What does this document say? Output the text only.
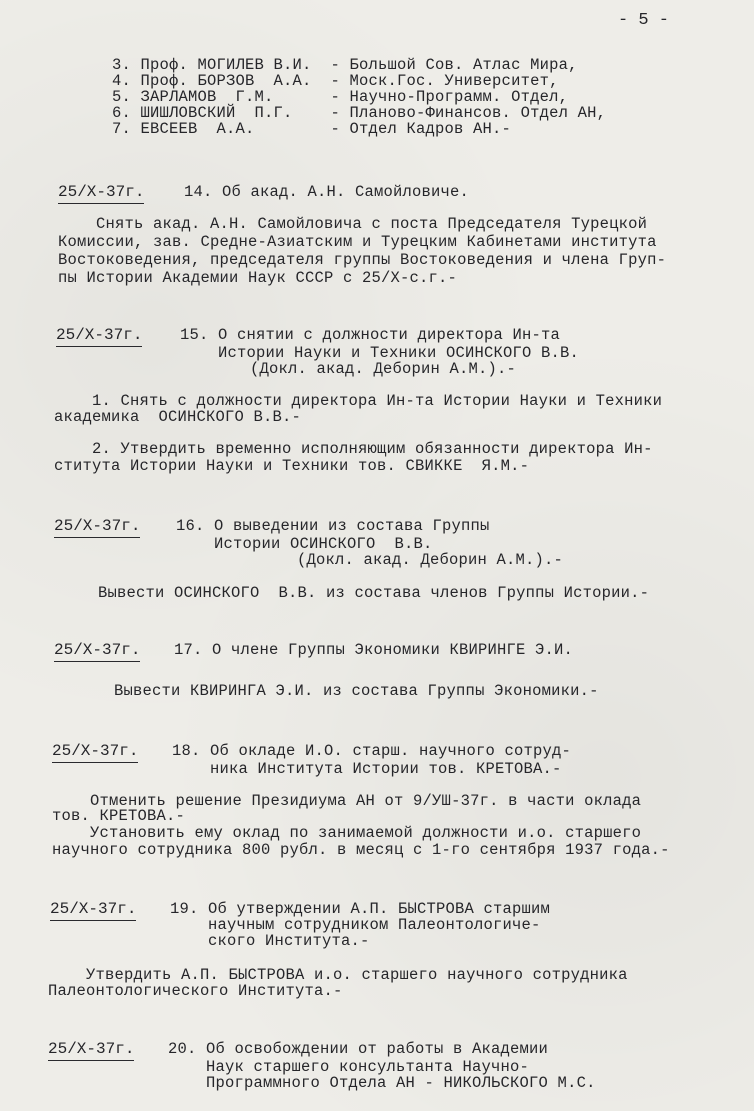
- 5 -
3. Проф. МОГИЛЕВ В.И.  - Большой Сов. Атлас Мира,
4. Проф. БОРЗОВ  А.А.  - Моск.Гос. Университет,
5. ЗАРЛАМОВ  Г.М.      - Научно-Программ. Отдел,
6. ШИШЛОВСКИЙ  П.Г.    - Планово-Финансов. Отдел АН,
7. ЕВСЕЕВ  А.А.        - Отдел Кадров АН.-
25/Х-37г.	14. Об акад. А.Н. Самойловиче.
Снять акад. А.Н. Самойловича с поста Председателя Турецкой
Комиссии, зав. Средне-Азиатским и Турецким Кабинетами института
Востоковедения, председателя группы Востоковедения и члена Груп-
пы Истории Академии Наук СССР с 25/Х-с.г.-
25/Х-37г. 15. О снятии с должности директора Ин-та
Истории Науки и Техники ОСИНСКОГО В.В.
(Докл. акад. Деборин А.М.).-
1. Снять с должности директора Ин-та Истории Науки и Техники
академика  ОСИНСКОГО В.В.-
2. Утвердить временно исполняющим обязанности директора Ин-
ститута Истории Науки и Техники тов. СВИККЕ  Я.М.-
25/Х-37г. 16. О выведении из состава Группы
Истории ОСИНСКОГО  В.В.
(Докл. акад. Деборин А.М.).-
Вывести ОСИНСКОГО  В.В. из состава членов Группы Истории.-
25/Х-37г. 17. О члене Группы Экономики КВИРИНГЕ Э.И.
Вывести КВИРИНГА Э.И. из состава Группы Экономики.-
25/Х-37г. 18. Об окладе И.О. старш. научного сотруд-
ника Института Истории тов. КРЕТОВА.-
Отменить решение Президиума АН от 9/УШ-37г. в части оклада
тов. КРЕТОВА.-
Установить ему оклад по занимаемой должности и.о. старшего
научного сотрудника 800 рубл. в месяц с 1-го сентября 1937 года.-
25/Х-37г. 19. Об утверждении А.П. БЫСТРОВА старшим
научным сотрудником Палеонтологиче-
ского Института.-
Утвердить А.П. БЫСТРОВА и.о. старшего научного сотрудника
Палеонтологического Института.-
25/Х-37г. 20. Об освобождении от работы в Академии
Наук старшего консультанта Научно-
Программного Отдела АН - НИКОЛЬСКОГО М.С.
